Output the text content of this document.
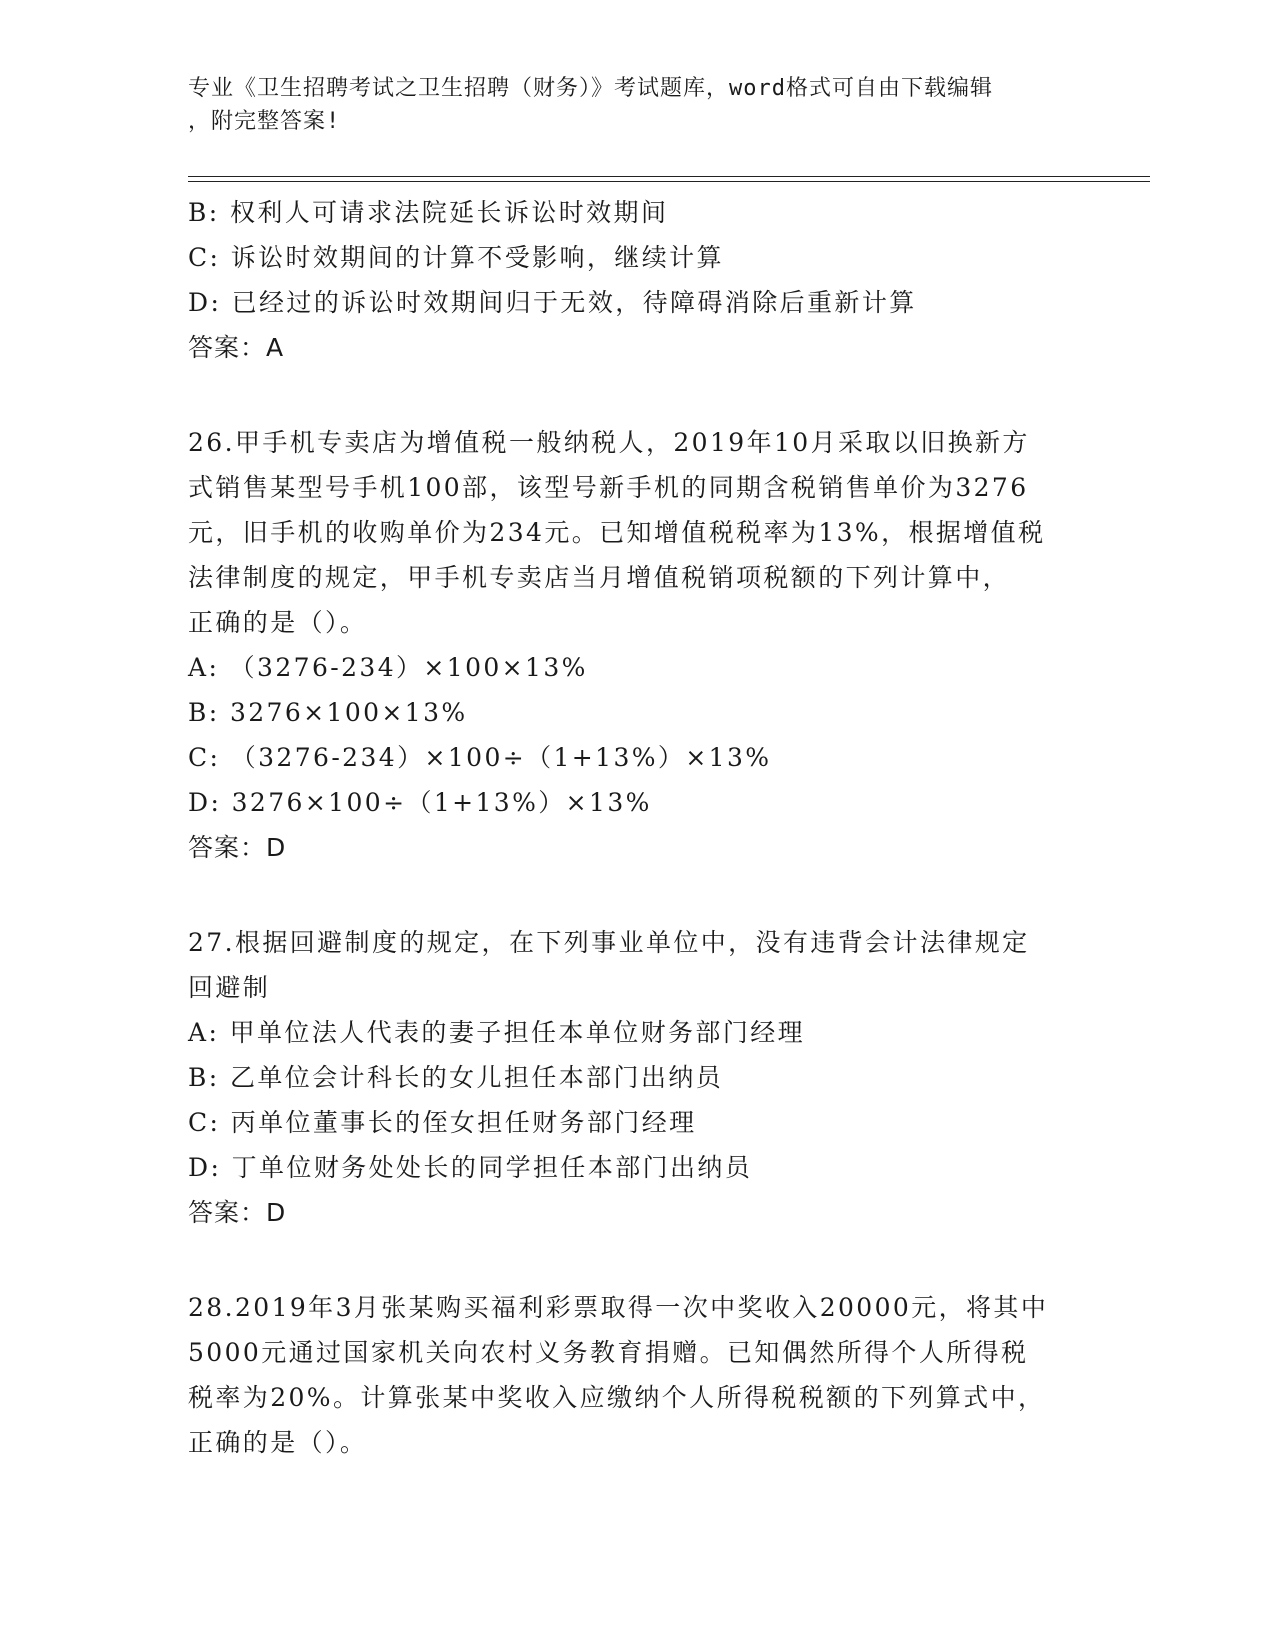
专业《卫生招聘考试之卫生招聘（财务）》考试题库，word格式可自由下载编辑
，附完整答案!
B: 权利人可请求法院延长诉讼时效期间
C: 诉讼时效期间的计算不受影响，继续计算
D: 已经过的诉讼时效期间归于无效，待障碍消除后重新计算
答案：A
26.甲手机专卖店为增值税一般纳税人，2019年10月采取以旧换新方
式销售某型号手机100部，该型号新手机的同期含税销售单价为3276
元，旧手机的收购单价为234元。已知增值税税率为13%，根据增值税
法律制度的规定，甲手机专卖店当月增值税销项税额的下列计算中，
正确的是（）。
A: （3276-234）×100×13%
B: 3276×100×13%
C: （3276-234）×100÷（1+13%）×13%
D: 3276×100÷（1+13%）×13%
答案：D
27.根据回避制度的规定，在下列事业单位中，没有违背会计法律规定
回避制
A: 甲单位法人代表的妻子担任本单位财务部门经理
B: 乙单位会计科长的女儿担任本部门出纳员
C: 丙单位董事长的侄女担任财务部门经理
D: 丁单位财务处处长的同学担任本部门出纳员
答案：D
28.2019年3月张某购买福利彩票取得一次中奖收入20000元，将其中
5000元通过国家机关向农村义务教育捐赠。已知偶然所得个人所得税
税率为20%。计算张某中奖收入应缴纳个人所得税税额的下列算式中，
正确的是（）。
